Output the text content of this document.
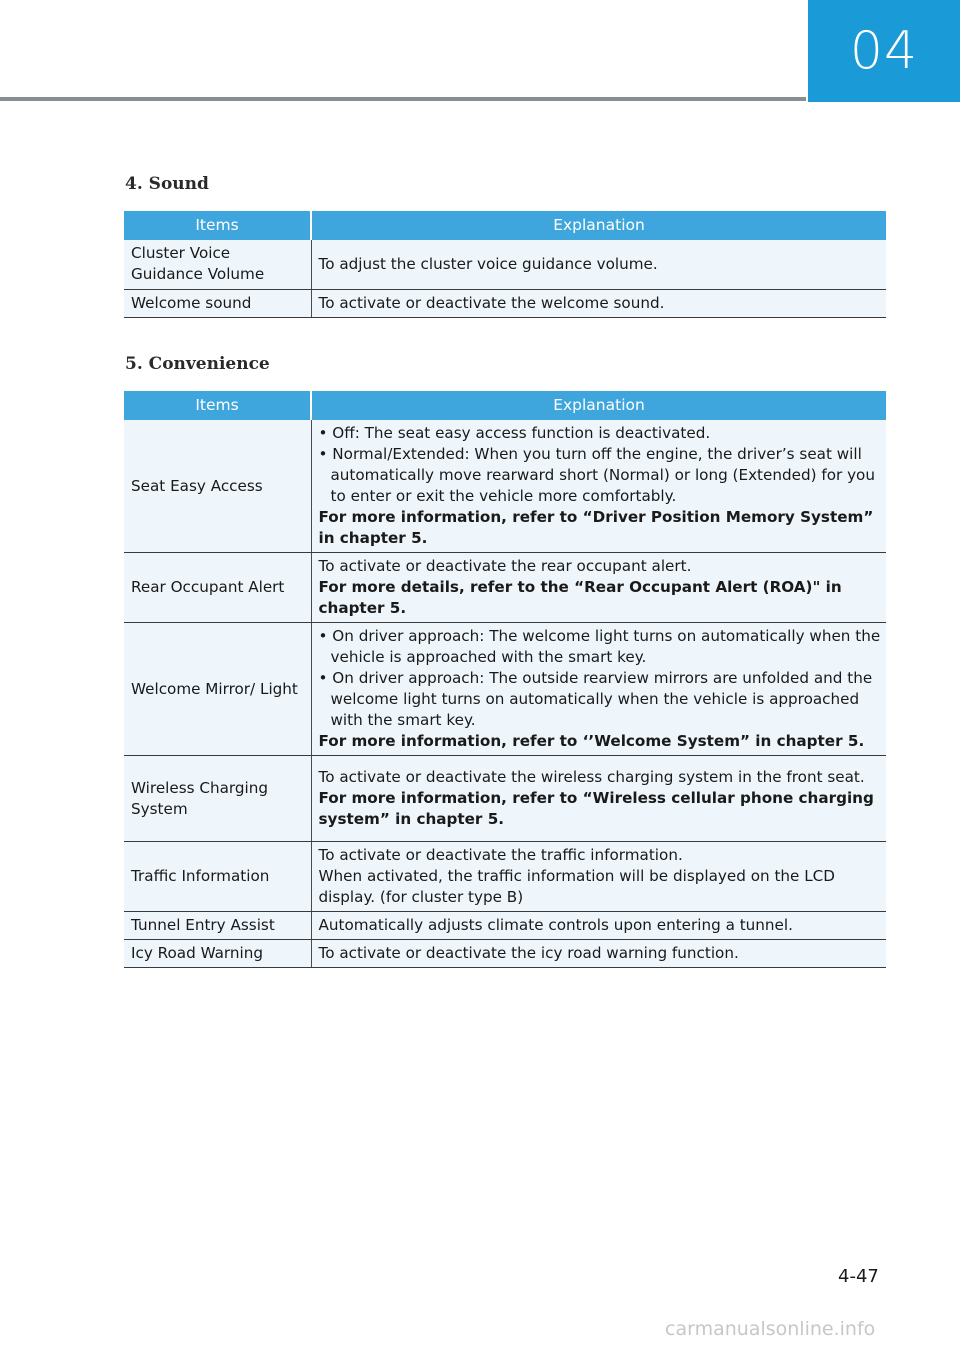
04
4. Sound
Items	Explanation
Cluster Voice Guidance Volume	To adjust the cluster voice guidance volume.
Welcome sound	To activate or deactivate the welcome sound.
5. Convenience
Items	Explanation
Seat Easy Access	• Off: The seat easy access function is deactivated.
• Normal/Extended: When you turn off the engine, the driver’s seat will automatically move rearward short (Normal) or long (Extended) for you to enter or exit the vehicle more comfortably.
For more information, refer to “Driver Position Memory System” in chapter 5.
Rear Occupant Alert	To activate or deactivate the rear occupant alert.
For more details, refer to the “Rear Occupant Alert (ROA)" in chapter 5.
Welcome Mirror/ Light	• On driver approach: The welcome light turns on automatically when the vehicle is approached with the smart key.
• On driver approach: The outside rearview mirrors are unfolded and the welcome light turns on automatically when the vehicle is approached with the smart key.
For more information, refer to ‘’Welcome System” in chapter 5.
Wireless Charging System	To activate or deactivate the wireless charging system in the front seat.
For more information, refer to “Wireless cellular phone charging system” in chapter 5.
Traffic Information	To activate or deactivate the traffic information.
When activated, the traffic information will be displayed on the LCD display. (for cluster type B)

Tunnel Entry Assist	Automatically adjusts climate controls upon entering a tunnel.
Icy Road Warning	To activate or deactivate the icy road warning function.
4-47
carmanualsonline.info
